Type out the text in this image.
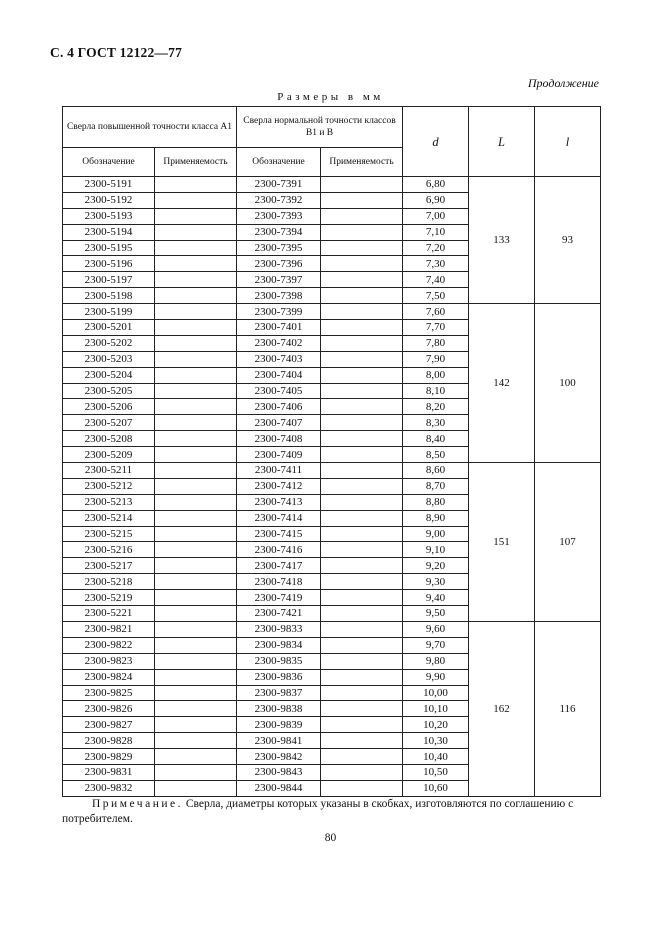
С. 4 ГОСТ 12122—77
Продолжение
Размеры в мм
Сверла повышенной точности класса А1		Сверла нормальной точности классов В1 и В		d	L	l
Обозначение	Применяемость	Обозначение	Применяемость			
2300-5191		2300-7391		6,80	133	93
2300-5192		2300-7392		6,90		
2300-5193		2300-7393		7,00		
2300-5194		2300-7394		7,10		
2300-5195		2300-7395		7,20		
2300-5196		2300-7396		7,30		
2300-5197		2300-7397		7,40		
2300-5198		2300-7398		7,50		
2300-5199		2300-7399		7,60	142	100
2300-5201		2300-7401		7,70		
2300-5202		2300-7402		7,80		
2300-5203		2300-7403		7,90		
2300-5204		2300-7404		8,00		
2300-5205		2300-7405		8,10		
2300-5206		2300-7406		8,20		
2300-5207		2300-7407		8,30		
2300-5208		2300-7408		8,40		
2300-5209		2300-7409		8,50		
2300-5211		2300-7411		8,60	151	107
2300-5212		2300-7412		8,70		
2300-5213		2300-7413		8,80		
2300-5214		2300-7414		8,90		
2300-5215		2300-7415		9,00		
2300-5216		2300-7416		9,10		
2300-5217		2300-7417		9,20		
2300-5218		2300-7418		9,30		
2300-5219		2300-7419		9,40		
2300-5221		2300-7421		9,50		
2300-9821		2300-9833		9,60	162	116
2300-9822		2300-9834		9,70		
2300-9823		2300-9835		9,80		
2300-9824		2300-9836		9,90		
2300-9825		2300-9837		10,00		
2300-9826		2300-9838		10,10		
2300-9827		2300-9839		10,20		
2300-9828		2300-9841		10,30		
2300-9829		2300-9842		10,40		
2300-9831		2300-9843		10,50		
2300-9832		2300-9844		10,60		
Примечание. Сверла, диаметры которых указаны в скобках, изготовляются по соглашению с потребителем.
80
